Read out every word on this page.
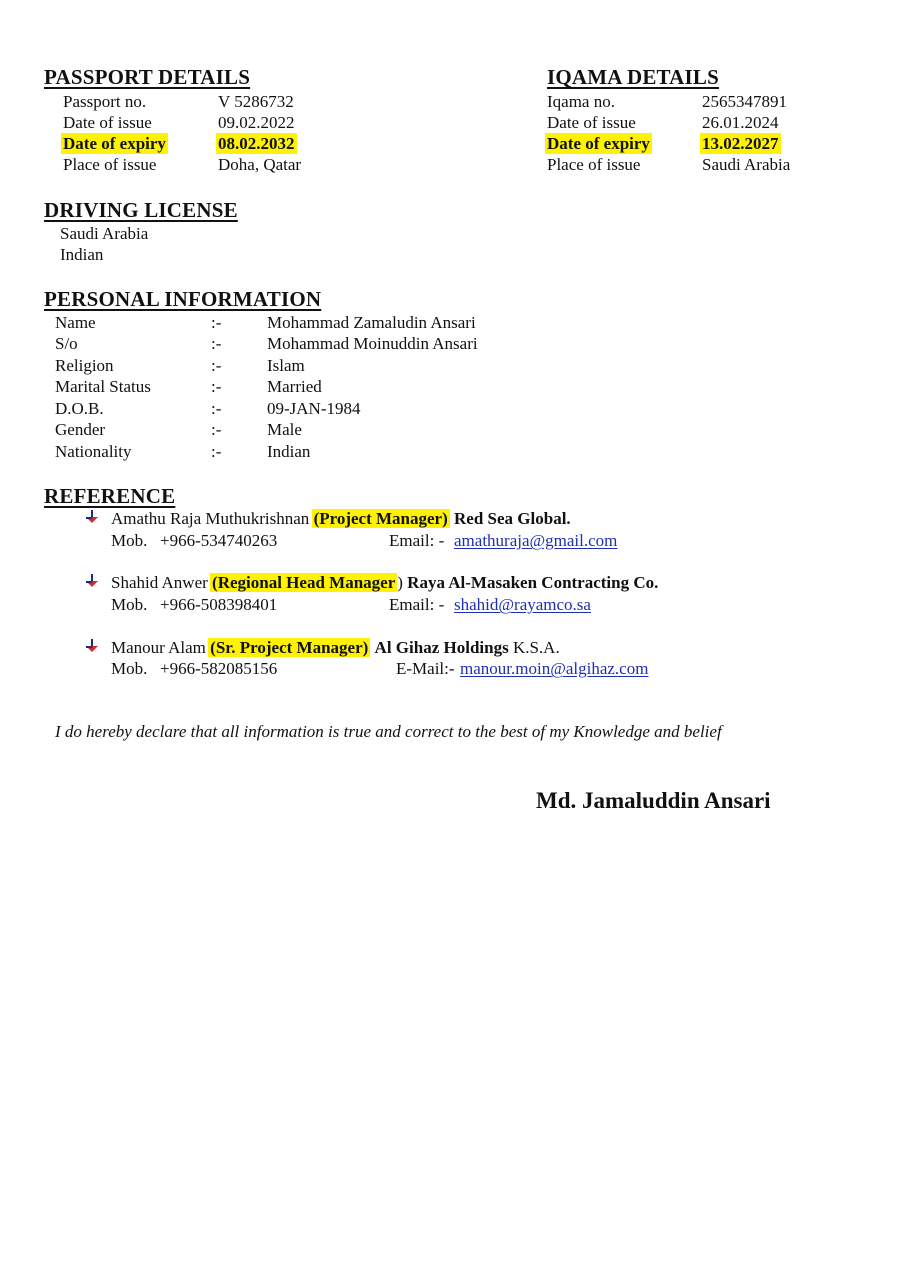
PASSPORT DETAILS
Passport no.	V 5286732
Date of issue	09.02.2022
Date of expiry	08.02.2032
Place of issue	Doha, Qatar
IQAMA DETAILS
Iqama no.	2565347891
Date of issue	26.01.2024
Date of expiry	13.02.2027
Place of issue	Saudi Arabia
DRIVING LICENSE
Saudi Arabia
Indian
PERSONAL INFORMATION
Name	:-	Mohammad Zamaludin Ansari
S/o	:-	Mohammad Moinuddin Ansari
Religion	:-	Islam
Marital Status	:-	Married
D.O.B.	:-	09-JAN-1984
Gender	:-	Male
Nationality	:-	Indian
REFERENCE
Amathu Raja Muthukrishnan (Project Manager) Red Sea Global.
Mob. +966-534740263	Email: - amathuraja@gmail.com
Shahid Anwer (Regional Head Manager ) Raya Al-Masaken Contracting Co.
Mob. +966-508398401	Email: - shahid@rayamco.sa
Manour Alam (Sr. Project Manager) Al Gihaz Holdings K.S.A.
Mob. +966-582085156	E-Mail:- manour.moin@algihaz.com
I do hereby declare that all information is true and correct to the best of my Knowledge and belief
Md. Jamaluddin Ansari
